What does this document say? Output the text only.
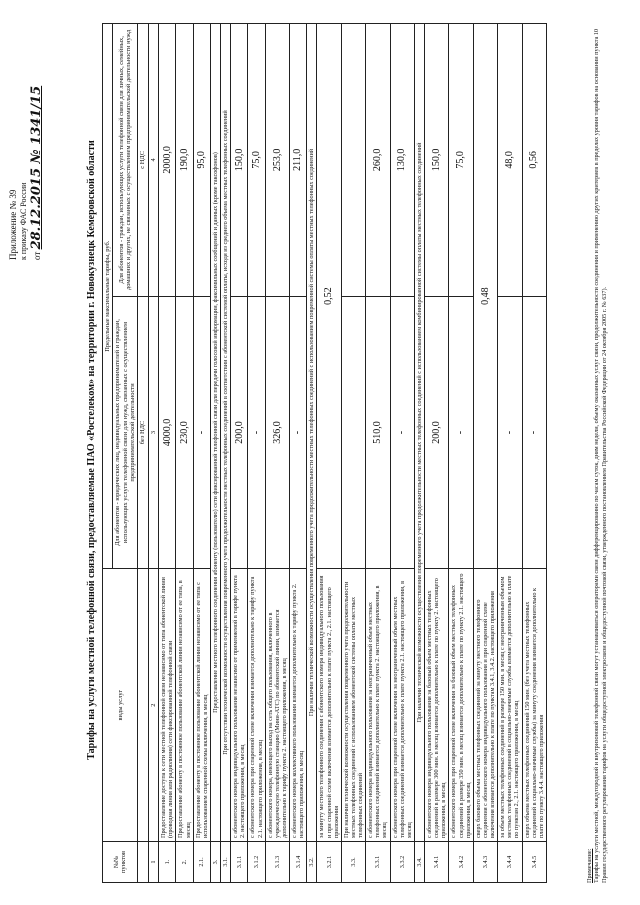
Приложение № 39 к приказу ФАС России от 28.12.2015 № 1341/15	Тарифы на услуги местной телефонной связи, предоставляемые ПАО «Ростелеком» на территории г. Новокузнецк Кемеровской области
№№ пунктов	виды услуг	Предельные максимальные тарифы, руб.	
		Для абонентов - юридических лиц, индивидуальных предпринимателей и граждан, использующих услуги телефонной связи для нужд, связанных с осуществлением предпринимательской деятельности	Для абонентов - граждан, использующих услуги телефонной связи для личных, семейных, домашних и других, не связанных с осуществлением предпринимательской деятельности нужд
		без НДС	с НДС
1	2	3	4
1.	Предоставление доступа к сети местной телефонной связи независимо от типа абонентской линии (проводная линия или радиолиния) сети фиксированной телефонной связи	4000,0	2000,0
2.	Предоставление абоненту в постоянное пользование абонентской линии независимо от ее типа, в месяц	230,0	190,0
2.1.	Предоставление абоненту в постоянное пользование абонентской линии независимо от ее типа с использованием спаренной схемы включения, в месяц	-	95,0
3.	Предоставление местного телефонного соединения абоненту (пользователю) сети фиксированной телефонной связи для передачи голосовой информации, факсимильных сообщений и данных (кроме таксофонов)		
3.1.	При отсутствии технической возможности осуществления повременного учета продолжительности местных телефонных соединений в соответствии с абонентской системой оплаты, исходя из среднего объема местных телефонных соединений		
3.1.1	с абонентского номера индивидуального пользования независимо от применяемой в тарифе пункта 2. настоящего приложения, в месяц	200,0	150,0
3.1.2	с абонентского номера при спаренной схеме включения взимается дополнительно к тарифу пункта 2.1. настоящего приложения, в месяц	-	75,0
3.1.3	с абонентского номера, имеющего выход на сеть общего пользования, включенного в учрежденческую телефонную станцию (Мини-АТС) по абонентской линии, взимается дополнительно к тарифу пункта 2. настоящего приложения, в месяц	326,0	253,0
3.1.4	с абонентского номера коллективного пользования взимается дополнительно к тарифу пункта 2. настоящего приложения, в месяц	-	211,0
3.2.	При наличии технической возможности осуществления повременного учета продолжительности местных телефонных соединений с использованием повременной системы оплаты местных телефонных соединений		
3.2.1	за минуту местного телефонного соединения с абонентского номера индивидуального пользования и при спаренной схеме включения взимается дополнительно к плате пункта 2., 2.1. настоящего приложения	0,52	
3.3.	При наличии технической возможности осуществления повременного учета продолжительности местных телефонных соединений с использованием абонентской системы оплаты местных телефонных соединений		
3.3.1	с абонентского номера индивидуального пользования за неограниченный объем местных телефонных соединений взимается дополнительно к плате пункта 2. настоящего приложения, в месяц	510,0	260,0
3.3.2	с абонентского номера при спаренной схеме включения за неограниченный объем местных телефонных соединений взимается дополнительно к плате пункта 2.1. настоящего приложения, в месяц	-	130,0
3.4.	При наличии технической возможности осуществления повременного учета продолжительности местных телефонных соединений с использованием комбинированной системы оплаты местных телефонных соединений		
3.4.1	с абонентского номера индивидуального пользования за базовый объем местных телефонных соединений в размере 300 мин. в месяц взимается дополнительно к плате по пункту 2. настоящего приложения, в месяц	200,0	150,0
3.4.2	с абонентского номера при спаренной схеме включения за базовый объем местных телефонных соединений в размере 350 мин. в месяц взимается дополнительно к плате по пункту 2.1. настоящего приложения, в месяц	-	75,0
3.4.3	сверх базового объема местных телефонных соединений за минуту местного телефонного соединения с абонентского номера индивидуального пользования и при спаренной схеме включения взимается дополнительно к плате по пунктам 3.4.1, 3.4.2. настоящего приложения	0,48	
3.4.4	за объем местных телефонных соединений в размере 150 мин. в месяц с неограниченным объемом местных телефонных соединений в социально-значимые службы взимается дополнительно к плате по пунктам 2., 2.1. настоящего приложения, в месяц	-	48,0
3.4.5	сверх объема местных телефонных соединений 150 мин. (без учета местных телефонных соединений в социально-значимые службы) за минуту соединения взимается дополнительно к плате по пункту 3.4.4. настоящего приложения	-	0,56
Примечание: Тарифы на услуги местной, междугородной и внутризоновой телефонной связи могут устанавливаться операторами связи дифференцированно по часам суток, дням недели, объему оказанных услуг связи, продолжительности соединения и применению других критериев в пределах уровня тарифов на основании пункта 10 Правил государственного регулирования тарифов на услуги общедоступной электросвязи и общедоступной почтовой связи, утвержденного постановлением Правительства Российской Федерации от 24 октября 2005 г. № 637).
